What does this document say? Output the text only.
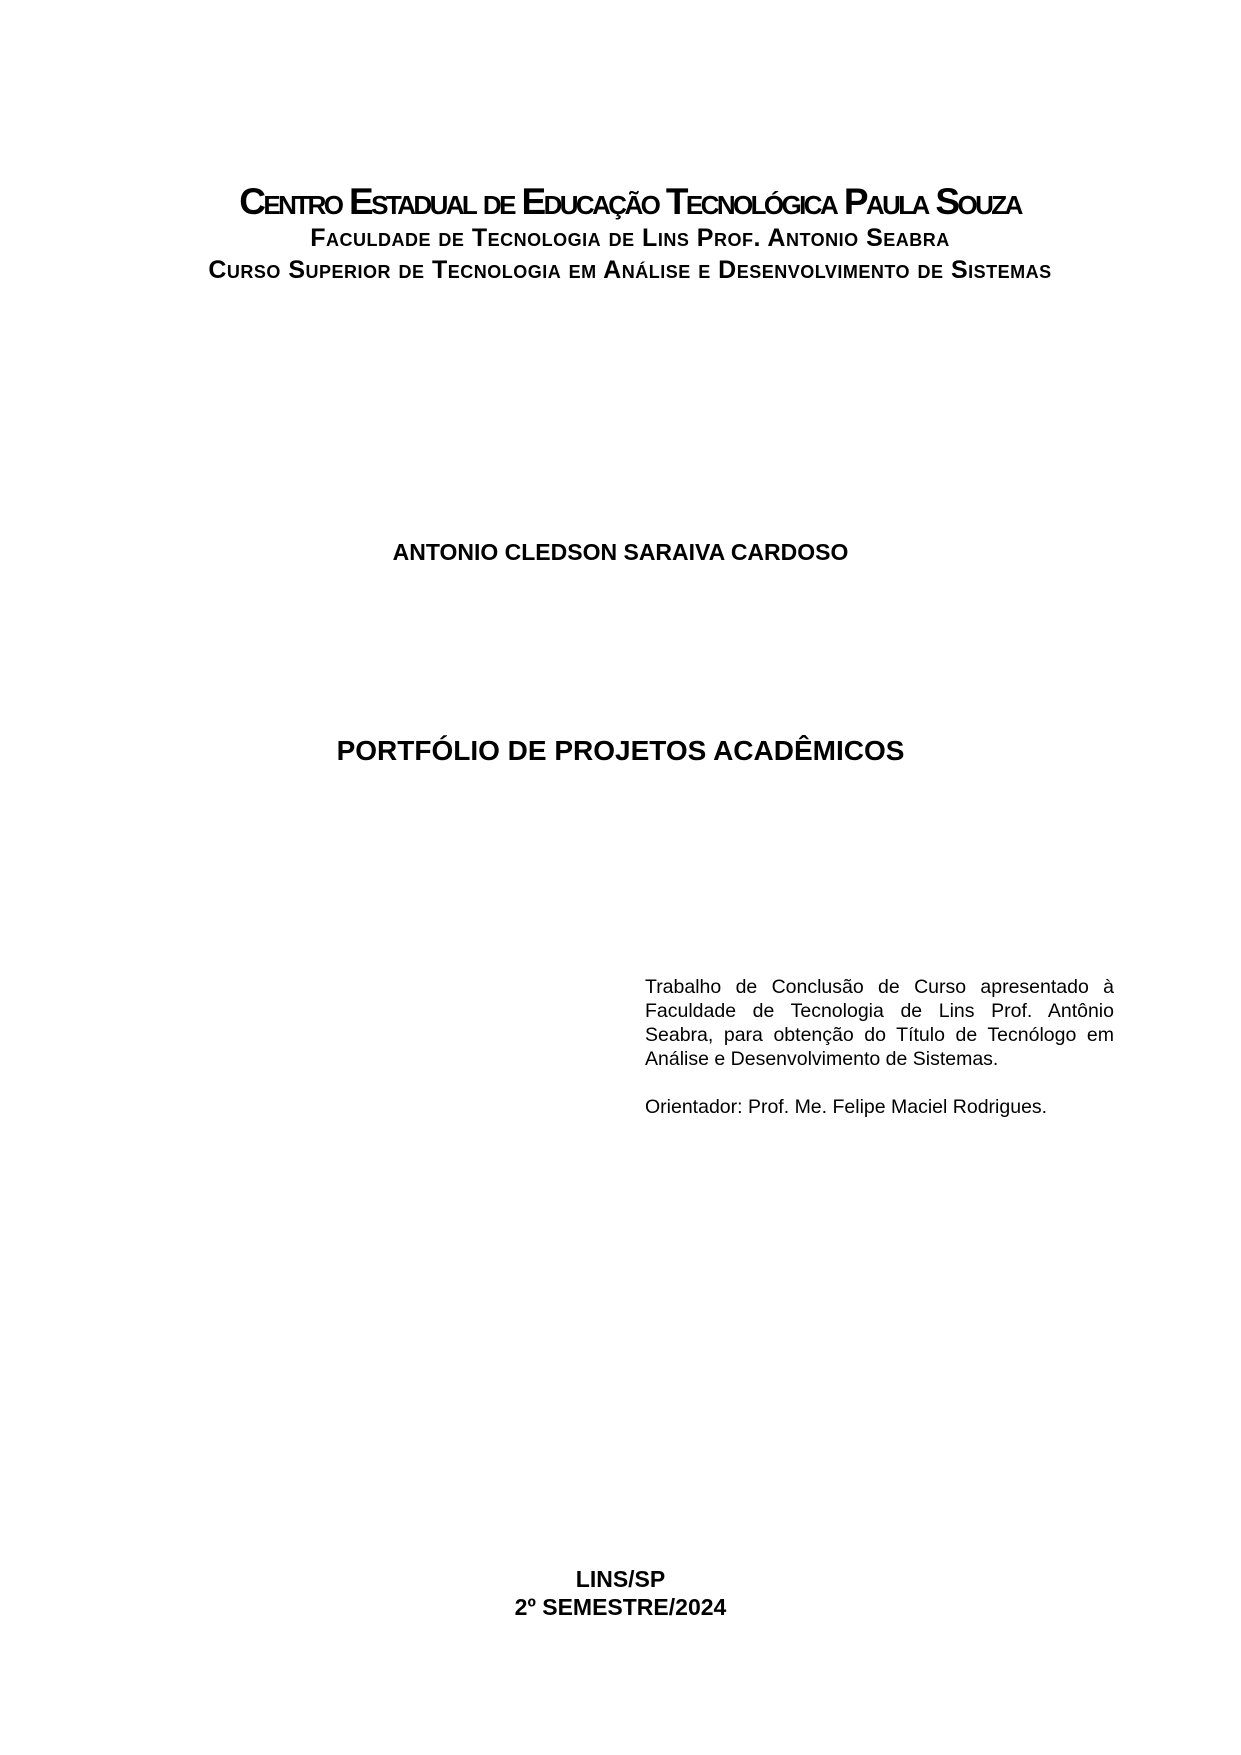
Centro Estadual de Educação Tecnológica Paula Souza
Faculdade de Tecnologia de Lins Prof. Antonio Seabra
Curso Superior de Tecnologia em Análise e Desenvolvimento de Sistemas
ANTONIO CLEDSON SARAIVA CARDOSO
PORTFÓLIO DE PROJETOS ACADÊMICOS
Trabalho de Conclusão de Curso apresentado à Faculdade de Tecnologia de Lins Prof. Antônio Seabra, para obtenção do Título de Tecnólogo em Análise e Desenvolvimento de Sistemas.
Orientador: Prof. Me. Felipe Maciel Rodrigues.
LINS/SP
2º SEMESTRE/2024
